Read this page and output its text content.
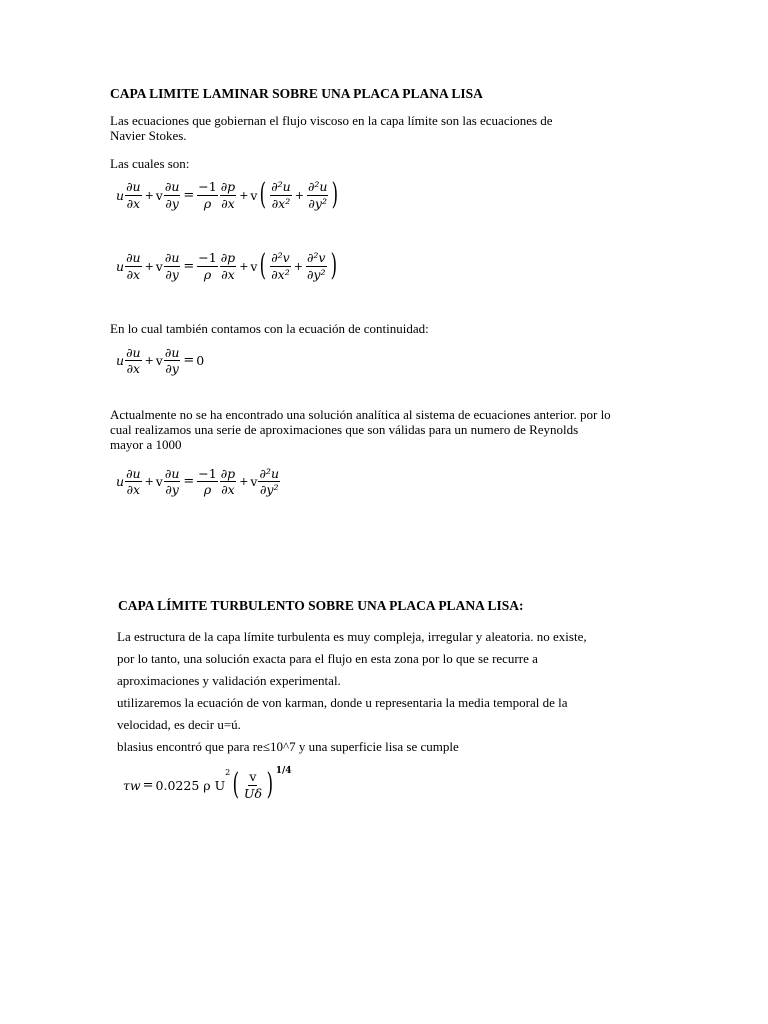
CAPA LIMITE LAMINAR SOBRE UNA PLACA PLANA LISA
Las ecuaciones que gobiernan el flujo viscoso en la capa límite son las ecuaciones de
Navier Stokes.
Las cuales son:
u $\frac{\partial u}{\partial x} + v \frac{\partial u}{\partial y} = \frac{-1}{\rho} \frac{\partial p}{\partial x} + v$ ( $\frac{\text{∂²u}}{\text{∂x²}} + \frac{\text{∂²u}}{\text{∂y²}}$ )
u $\frac{\partial u}{\partial x} + v \frac{\partial u}{\partial y} = \frac{-1}{\rho} \frac{\partial p}{\partial x} + v$ ( $\frac{\text{∂²v}}{\text{∂x²}} + \frac{\text{∂²v}}{\text{∂y²}}$ )
En lo cual también contamos con la ecuación de continuidad:
u $\frac{\partial u}{\partial x} + v \frac{\partial u}{\partial y} = 0$
Actualmente no se ha encontrado una solución analítica al sistema de ecuaciones anterior. por lo
cual realizamos una serie de aproximaciones que son válidas para un numero de Reynolds
mayor a 1000
u $\frac{\partial u}{\partial x} + v \frac{\partial u}{\partial y} = \frac{-1}{\rho} \frac{\partial p}{\partial x} + v \frac{\text{∂²u}}{\text{∂y²}}$
CAPA LÍMITE TURBULENTO SOBRE UNA PLACA PLANA LISA:
La estructura de la capa límite turbulenta es muy compleja, irregular y aleatoria. no existe,
por lo tanto, una solución exacta para el flujo en esta zona por lo que se recurre a
aproximaciones y validación experimental.
utilizaremos la ecuación de von karman, donde u representaria la media temporal de la
velocidad, es decir u=ú.
blasius encontró que para re≤10^7 y una superficie lisa se cumple
τw = 0.0225 ρ U
2 ( $\frac{v}{U\delta}$ ) 1/4
